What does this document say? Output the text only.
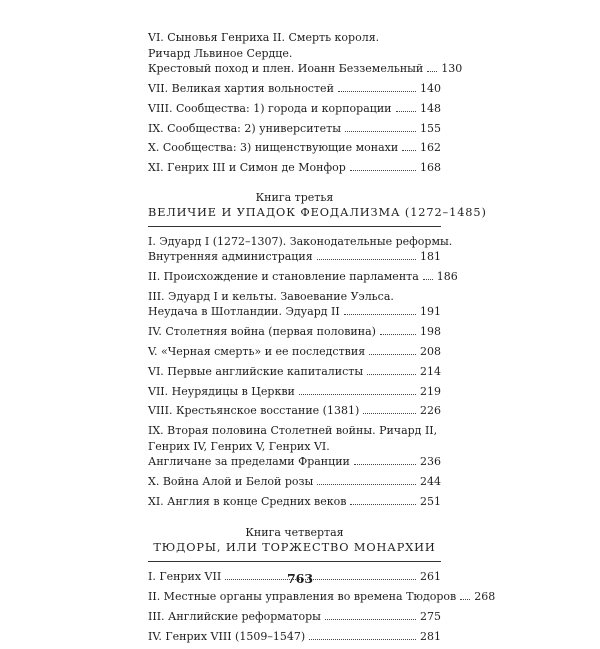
VI. Сыновья Генриха II. Смерть короля.
Ричард Львиное Сердце.
Крестовый поход и плен. Иоанн Безземельный 130
VII. Великая хартия вольностей	140
VIII. Сообщества: 1) города и корпорации	148
IX. Сообщества: 2) университеты	155
X. Сообщества: 3) нищенствующие монахи 162
XI. Генрих III и Симон де Монфор	168
Книга третья
ВЕЛИЧИЕ И УПАДОК ФЕОДАЛИЗМА (1272–1485)
I. Эдуард I (1272–1307). Законодательные реформы.
Внутренняя администрация	181
II. Происхождение и становление парламента 186
III. Эдуард I и кельты. Завоевание Уэльса.
Неудача в Шотландии. Эдуард II	191
IV. Столетняя война (первая половина)	198
V. «Черная смерть» и ее последствия	208
VI. Первые английские капиталисты	214
VII. Неурядицы в Церкви	219
VIII. Крестьянское восстание (1381)	226
IX. Вторая половина Столетней войны. Ричард II,
Генрих IV, Генрих V, Генрих VI.
Англичане за пределами Франции	236
X. Война Алой и Белой розы	244
XI. Англия в конце Средних веков	251
Книга четвертая
ТЮДОРЫ, ИЛИ ТОРЖЕСТВО МОНАРХИИ
I. Генрих VII	261
II. Местные органы управления во времена Тюдоров 268
III. Английские реформаторы	275
IV. Генрих VIII (1509–1547)	281
763
